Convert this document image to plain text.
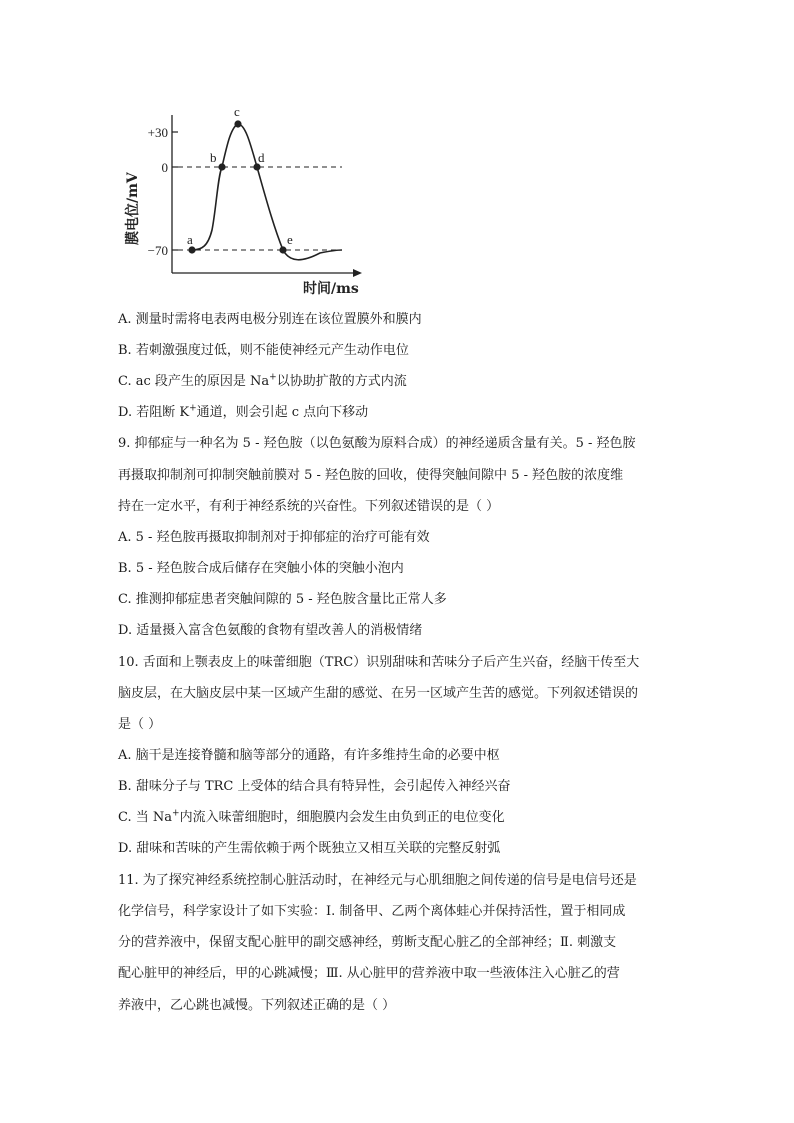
a
b
c
d
e
+30
0
−70
膜电位/mV
时间/ms
A. 测量时需将电表两电极分别连在该位置膜外和膜内
B. 若刺激强度过低，则不能使神经元产生动作电位
C. ac 段产生的原因是 Na+以协助扩散的方式内流
D. 若阻断 K+通道，则会引起 c 点向下移动
9. 抑郁症与一种名为 5 - 羟色胺（以色氨酸为原料合成）的神经递质含量有关。5 - 羟色胺
再摄取抑制剂可抑制突触前膜对 5 - 羟色胺的回收，使得突触间隙中 5 - 羟色胺的浓度维
持在一定水平，有利于神经系统的兴奋性。下列叙述错误的是（ ）
A. 5 - 羟色胺再摄取抑制剂对于抑郁症的治疗可能有效
B. 5 - 羟色胺合成后储存在突触小体的突触小泡内
C. 推测抑郁症患者突触间隙的 5 - 羟色胺含量比正常人多
D. 适量摄入富含色氨酸的食物有望改善人的消极情绪
10. 舌面和上颚表皮上的味蕾细胞（TRC）识别甜味和苦味分子后产生兴奋，经脑干传至大
脑皮层，在大脑皮层中某一区域产生甜的感觉、在另一区域产生苦的感觉。下列叙述错误的
是（ ）
A. 脑干是连接脊髓和脑等部分的通路，有许多维持生命的必要中枢
B. 甜味分子与 TRC 上受体的结合具有特异性，会引起传入神经兴奋
C. 当 Na+内流入味蕾细胞时，细胞膜内会发生由负到正的电位变化
D. 甜味和苦味的产生需依赖于两个既独立又相互关联的完整反射弧
11. 为了探究神经系统控制心脏活动时，在神经元与心肌细胞之间传递的信号是电信号还是
化学信号，科学家设计了如下实验：Ⅰ. 制备甲、乙两个离体蛙心并保持活性，置于相同成
分的营养液中，保留支配心脏甲的副交感神经，剪断支配心脏乙的全部神经；Ⅱ. 刺激支
配心脏甲的神经后，甲的心跳减慢；Ⅲ. 从心脏甲的营养液中取一些液体注入心脏乙的营
养液中，乙心跳也减慢。下列叙述正确的是（ ）
